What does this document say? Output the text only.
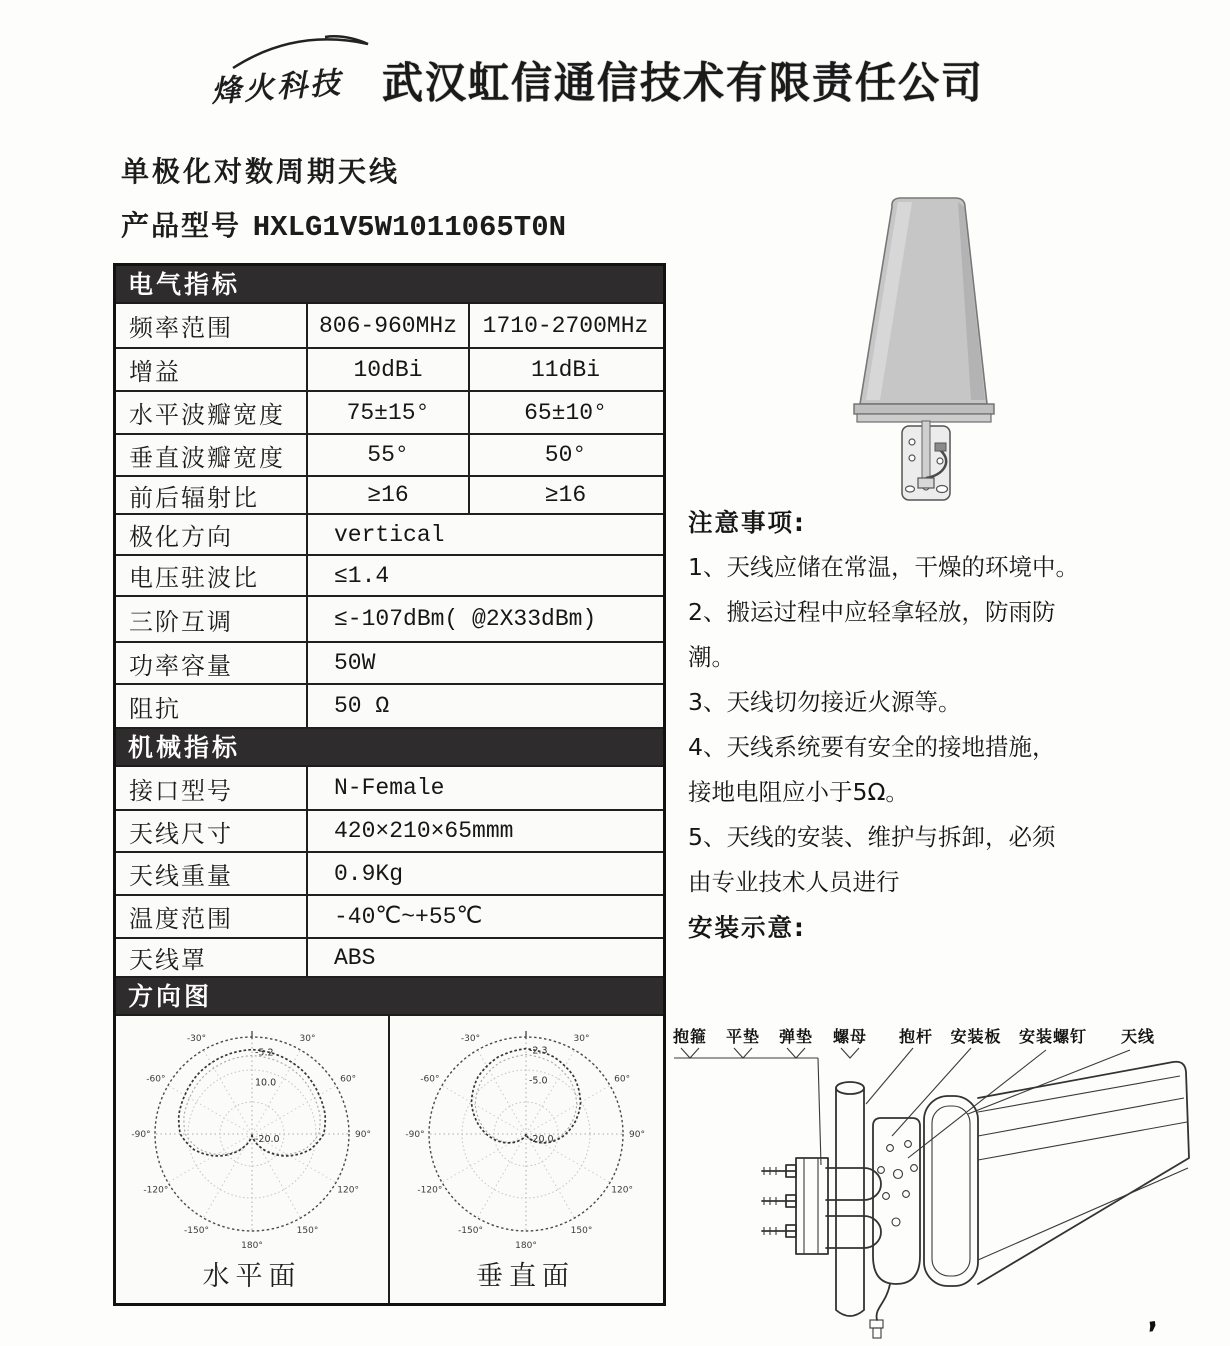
烽火科技 武汉虹信通信技术有限责任公司
单极化对数周期天线
产品型号 HXLG1V5W1011065T0N
电气指标
频率范围	806-960MHz 1710-2700MHz
增益	10dBi	11dBi
水平波瓣宽度	75±15°	65±10°
垂直波瓣宽度	55°	50°
前后辐射比	≥16	≥16
极化方向	vertical
电压驻波比	≤1.4
三阶互调	≤-107dBm( @2X33dBm)
功率容量	50W
阻抗	50 Ω
机械指标
接口型号	N-Female
天线尺寸	420×210×65mmm
天线重量	0.9Kg
温度范围	-40℃~+55℃
天线罩	ABS
方向图
-150°
-120°
-90°
-60°
-30°	30°
60°
90°
120°
150°
180°
-5.2
10.0
-20.0
水平面
-150°
-120°
-90°
-60°
-30°	30°
60°
90°
120°
150°
180°
-2.3
-5.0
-20.0
垂直面
注意事项:
1、天线应储在常温，干燥的环境中。
2、搬运过程中应轻拿轻放，防雨防
潮。
3、天线切勿接近火源等。
4、天线系统要有安全的接地措施，
接地电阻应小于5Ω。
5、天线的安装、维护与拆卸，必须
由专业技术人员进行
安装示意:
抱箍 平垫 弹垫 螺母 抱杆 安装板 安装螺钉 天线
,
